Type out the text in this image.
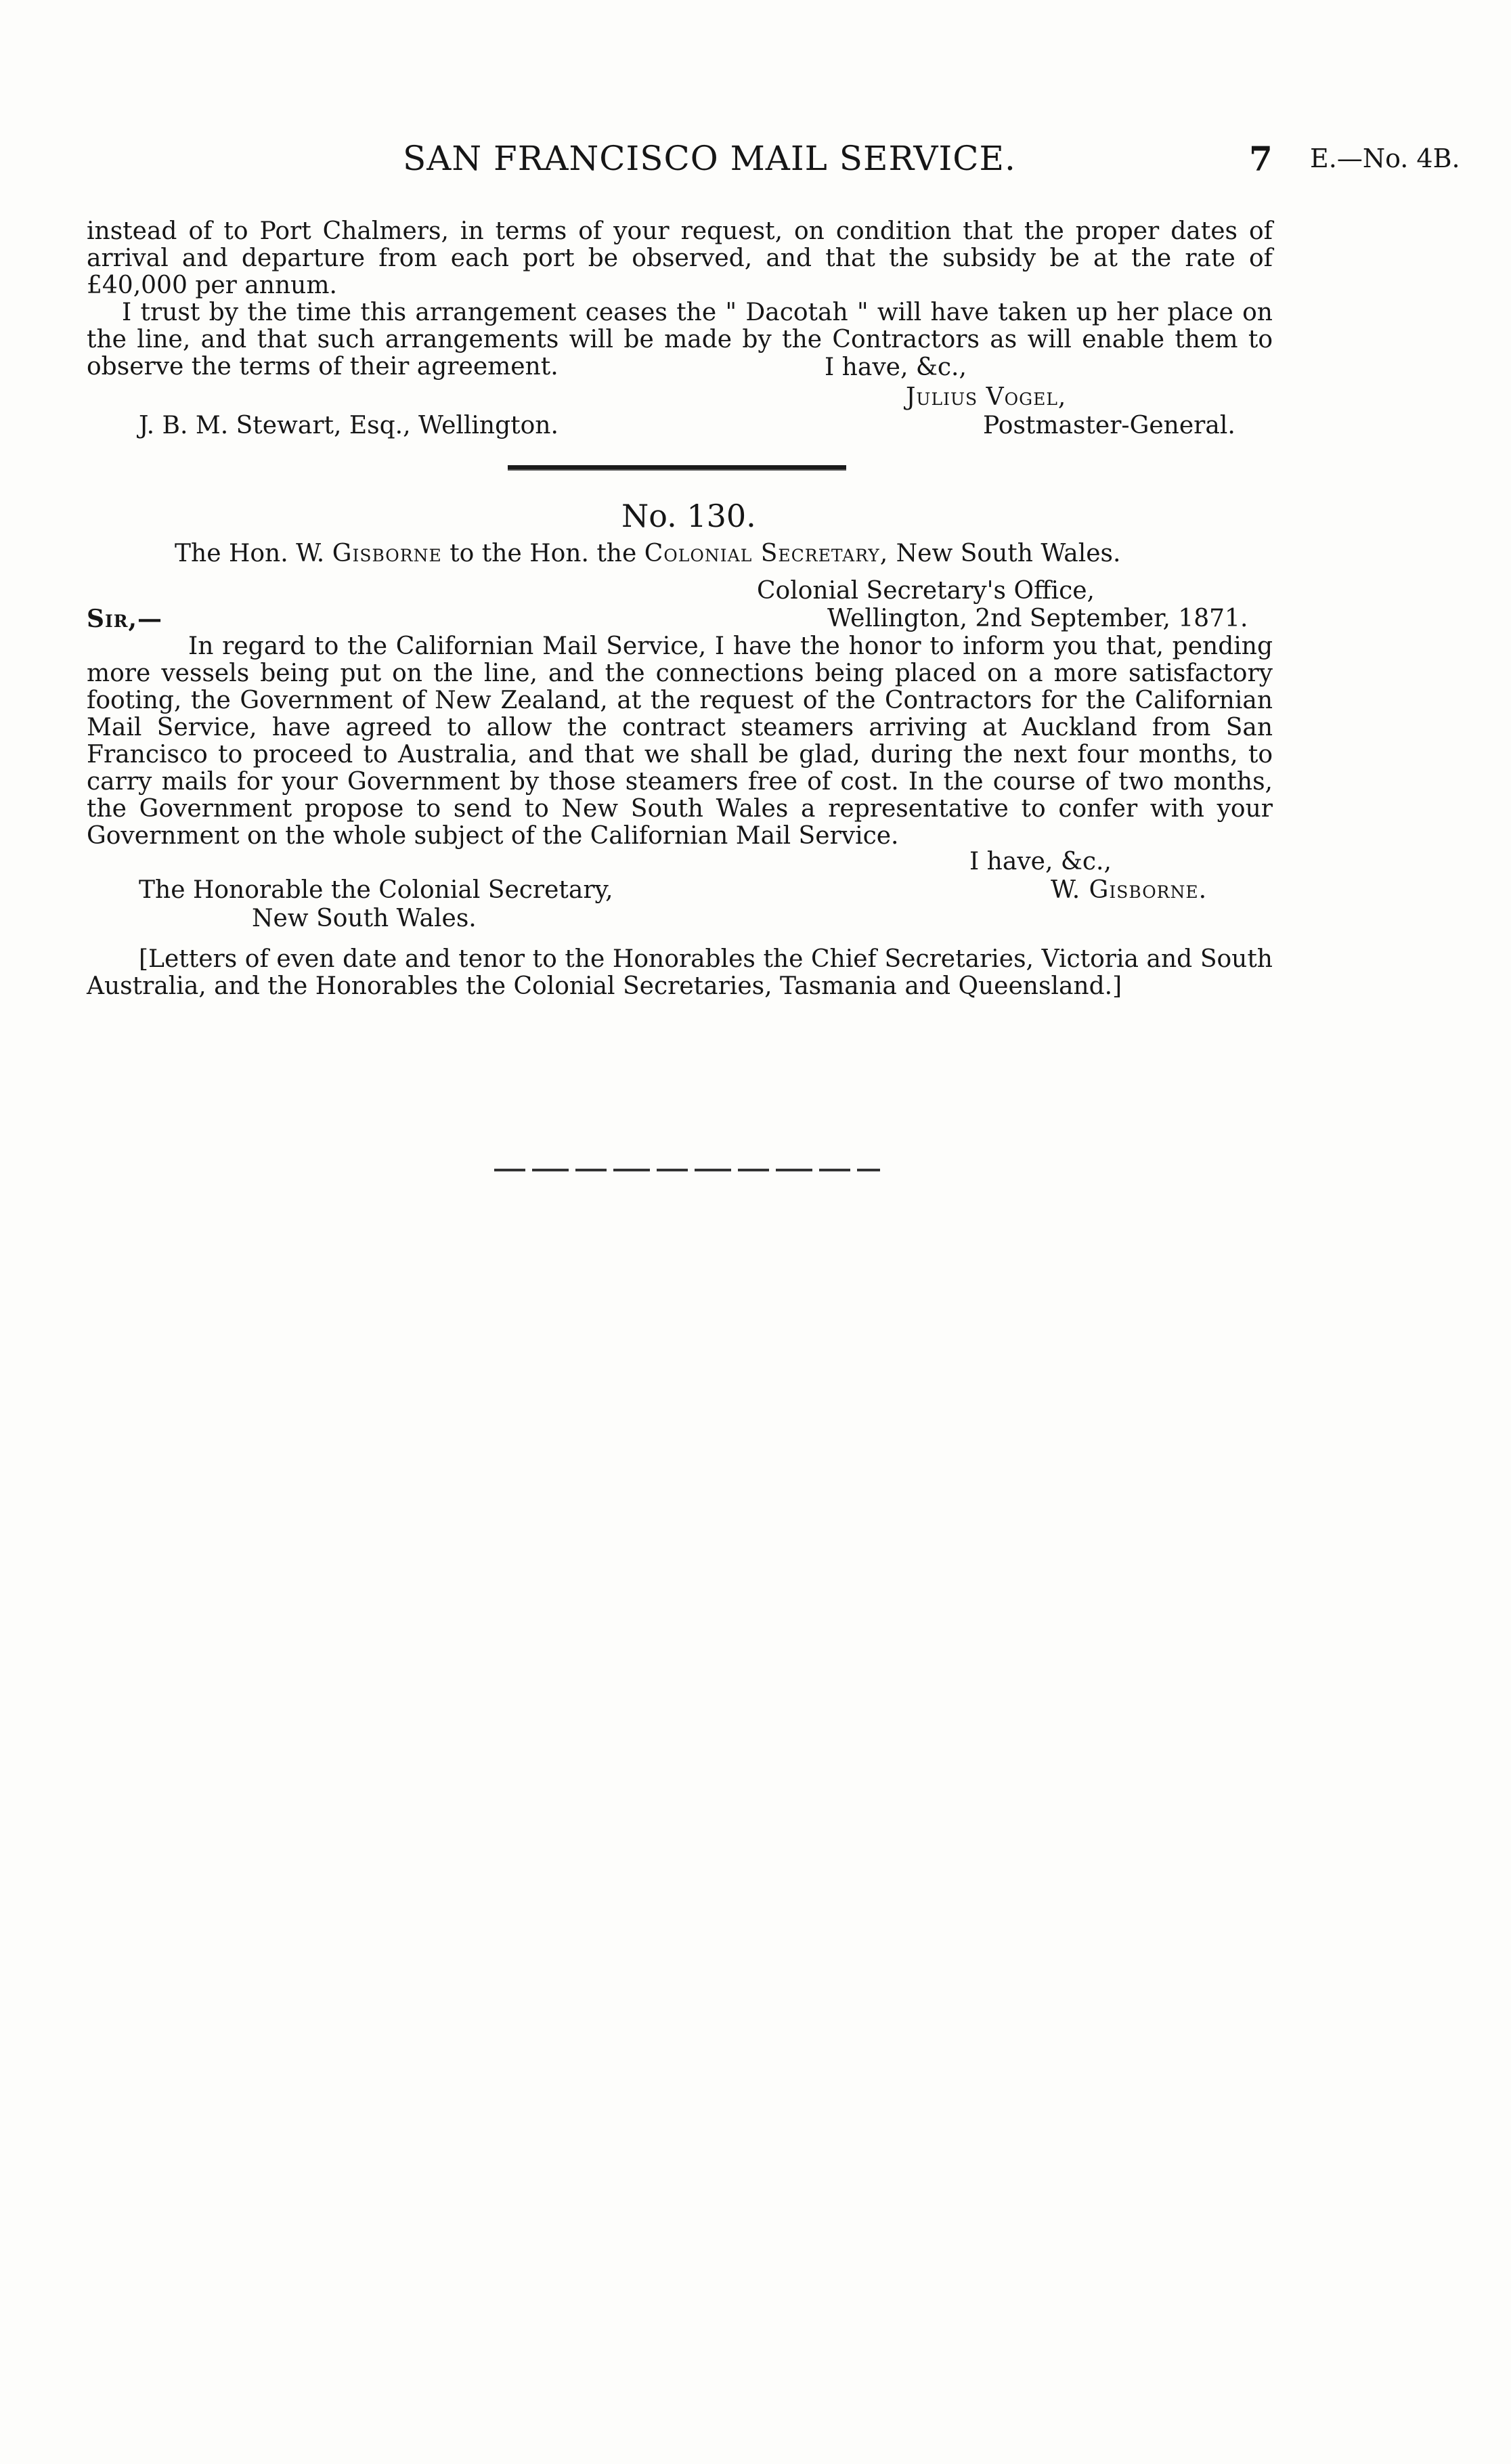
SAN FRANCISCO MAIL SERVICE.	7 E.—No. 4B.

instead of to Port Chalmers, in terms of your request, on condition that the proper dates of arrival and departure from each port be observed, and that the subsidy be at the rate of £40,000 per annum.

I trust by the time this arrangement ceases the " Dacotah " will have taken up her place on the line, and that such arrangements will be made by the Contractors as will enable them to observe the terms of their agreement.	I have, &c.,
Julius Vogel,
J. B. M. Stewart, Esq., Wellington.	Postmaster-General.
No. 130.
The Hon. W. Gisborne to the Hon. the Colonial Secretary, New South Wales.
Colonial Secretary's Office,
Sir,—	Wellington, 2nd September, 1871.

In regard to the Californian Mail Service, I have the honor to inform you that, pending more vessels being put on the line, and the connections being placed on a more satisfactory footing, the Government of New Zealand, at the request of the Contractors for the Californian Mail Service, have agreed to allow the contract steamers arriving at Auckland from San Francisco to proceed to Australia, and that we shall be glad, during the next four months, to carry mails for your Government by those steamers free of cost. In the course of two months, the Government propose to send to New South Wales a representative to confer with your Government on the whole subject of the Californian Mail Service.

I have, &c.,
The Honorable the Colonial Secretary,	W. Gisborne.
New South Wales.

[Letters of even date and tenor to the Honorables the Chief Secretaries, Victoria and South Australia, and the Honorables the Colonial Secretaries, Tasmania and Queensland.]
